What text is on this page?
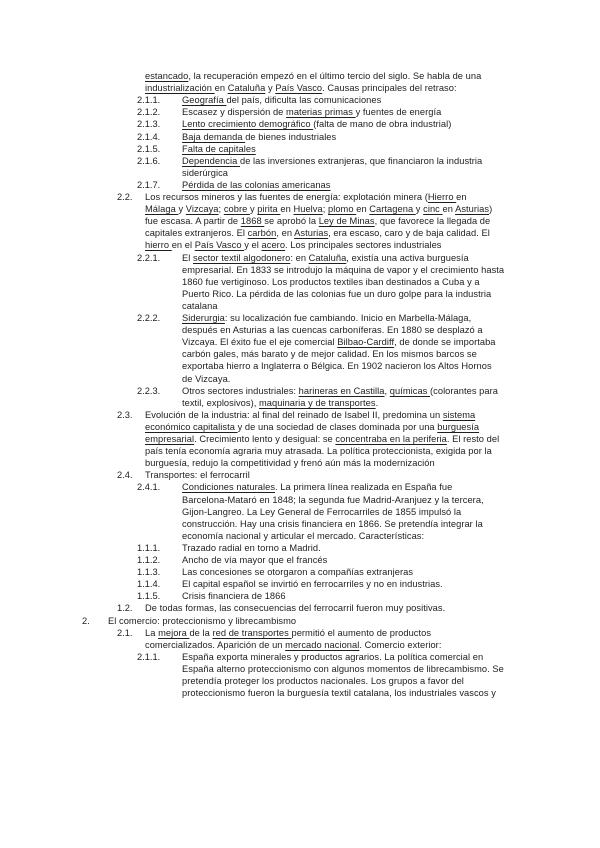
estancado, la recuperación empezó en el último tercio del siglo. Se habla de una
industrialización en Cataluña y País Vasco. Causas principales del retraso:
2.1.1. Geografía del país, dificulta las comunicaciones
2.1.2. Escasez y dispersión de materias primas y fuentes de energía
2.1.3. Lento crecimiento demográfico (falta de mano de obra industrial)
2.1.4. Baja demanda de bienes industriales
2.1.5. Falta de capitales
2.1.6. Dependencia de las inversiones extranjeras, que financiaron la industria
siderúrgica
2.1.7. Pérdida de las colonias americanas
2.2. Los recursos mineros y las fuentes de energía: explotación minera (Hierro en
Málaga y Vizcaya; cobre y pirita en Huelva; plomo en Cartagena y cinc en Asturias)
fue escasa. A partir de 1868 se aprobó la Ley de Minas, que favorece la llegada de
capitales extranjeros. El carbón, en Asturias, era escaso, caro y de baja calidad. El
hierro en el País Vasco y el acero. Los principales sectores industriales
2.2.1. El sector textil algodonero: en Cataluña, existía una activa burguesía
empresarial. En 1833 se introdujo la máquina de vapor y el crecimiento hasta
1860 fue vertiginoso. Los productos textiles iban destinados a Cuba y a
Puerto Rico. La pérdida de las colonias fue un duro golpe para la industria
catalana
2.2.2. Siderurgia: su localización fue cambiando. Inicio en Marbella-Málaga,
después en Asturias a las cuencas carboníferas. En 1880 se desplazó a
Vizcaya. El éxito fue el eje comercial Bilbao-Cardiff, de donde se importaba
carbón gales, más barato y de mejor calidad. En los mismos barcos se
exportaba hierro a Inglaterra o Bélgica. En 1902 nacieron los Altos Hornos
de Vizcaya.
2.2.3. Otros sectores industriales: harineras en Castilla, químicas (colorantes para
textil, explosivos), maquinaria y de transportes.
2.3. Evolución de la industria: al final del reinado de Isabel II, predomina un sistema
económico capitalista y de una sociedad de clases dominada por una burguesía
empresarial. Crecimiento lento y desigual: se concentraba en la periferia. El resto del
país tenía economía agraria muy atrasada. La política proteccionista, exigida por la
burguesía, redujo la competitividad y frenó aún más la modernización
2.4. Transportes: el ferrocarril
2.4.1. Condiciones naturales. La primera línea realizada en España fue
Barcelona-Mataró en 1848; la segunda fue Madrid-Aranjuez y la tercera,
Gijon-Langreo. La Ley General de Ferrocarriles de 1855 impulsó la
construcción. Hay una crisis financiera en 1866. Se pretendía integrar la
economía nacional y articular el mercado. Características:
1.1.1. Trazado radial en torno a Madrid.
1.1.2. Ancho de vía mayor que el francés
1.1.3. Las concesiones se otorgaron a compañías extranjeras
1.1.4. El capital español se invirtió en ferrocarriles y no en industrias.
1.1.5. Crisis financiera de 1866
1.2. De todas formas, las consecuencias del ferrocarril fueron muy positivas.
2. El comercio: proteccionismo y librecambismo
2.1. La mejora de la red de transportes permitió el aumento de productos
comercializados. Aparición de un mercado nacional. Comercio exterior:
2.1.1. España exporta minerales y productos agrarios. La política comercial en
España alterno proteccionismo con algunos momentos de librecambismo. Se
pretendía proteger los productos nacionales. Los grupos a favor del
proteccionismo fueron la burguesía textil catalana, los industriales vascos y
